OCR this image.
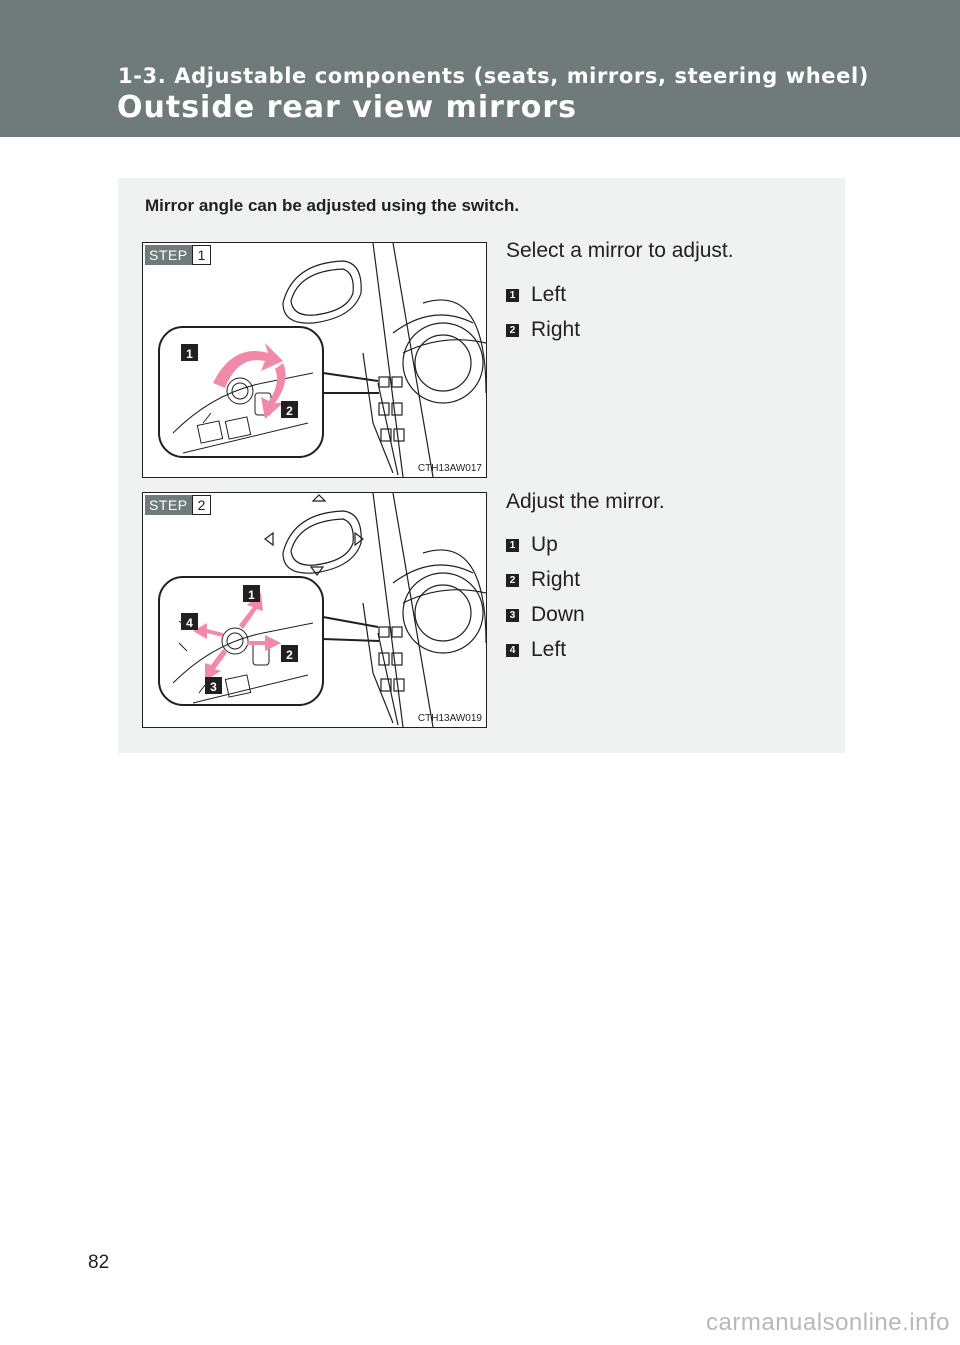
1-3. Adjustable components (seats, mirrors, steering wheel)
Outside rear view mirrors
Mirror angle can be adjusted using the switch.
1
2
STEP 1
CTH13AW017
Select a mirror to adjust.
1 Left
2 Right
1
2
3
4
STEP 2
CTH13AW019
Adjust the mirror.
1 Up
2 Right
3 Down
4 Left
82
carmanualsonline.info
